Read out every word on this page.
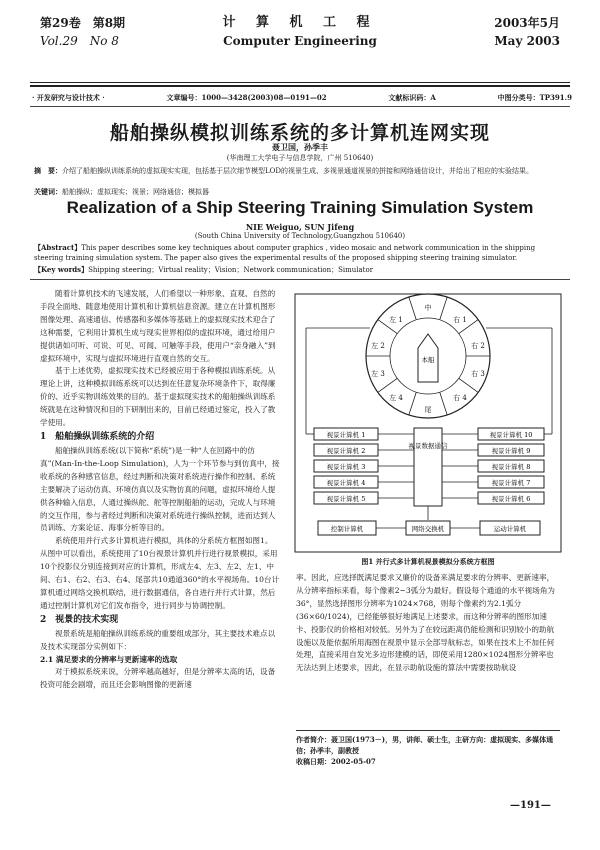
第29卷　第8期
Vol.29　No 8
计 算 机 工 程
Computer Engineering
2003年5月
May 2003
· 开发研究与设计技术 ·	文章编号：1000—3428(2003)08—0191—02	文献标识码：A	中图分类号：TP391.9
船舶操纵模拟训练系统的多计算机连网实现
聂卫国，孙季丰
(华南理工大学电子与信息学院，广州 510640)
摘　要：介绍了船舶操纵训练系统的虚拟现实实现，包括基于层次细节模型LOD的视景生成、多视景通道视景的拼接和网络通信设计，并给出了相应的实验结果。
关键词：船舶操纵；虚拟现实；视景；网络通信；模拟器
Realization of a Ship Steering Training Simulation System
NIE Weiguo, SUN Jifeng
(South China University of Technology,Guangzhou 510640)
【Abstract】This paper describes some key techniques about computer graphics , video mosaic and network communication in the shipping steering training simulation system. The paper also gives the experimental results of the proposed shipping steering training simulator.
【Key words】Shipping steering；Virtual reality；Vision；Network communication；Simulator

随着计算机技术的飞速发展，人们希望以一种形象、直观、自然的手段全面地、随意地使用计算机和计算机信息资源。建立在计算机图形图像处理、高速通信、传感器和多媒体等基础上的虚拟现实技术迎合了这种需要，它利用计算机生成与现实世界相似的虚拟环境，通过给用户提供诸如可听、可说、可见、可闻、可触等手段，使用户“亲身融入”到虚拟环境中，实现与虚拟环境进行直观自然的交互。

基于上述优势，虚拟现实技术已经被应用于各种模拟训练系统。从理论上讲，这种模拟训练系统可以达到在任意复杂环境条件下，取得廉价的、近乎实物训练效果的目的。基于虚拟现实技术的船舶操纵训练系统就是在这种情况和目的下研制出来的，目前已经通过鉴定，投入了教学使用。

1　船舶操纵训练系统的介绍

船舶操纵训练系统(以下简称“系统”)是一种“人在回路中的仿真”(Man-In-the-Loop Simulation)，人为一个环节参与到仿真中，接收系统的各种感官信息，经过判断和决策对系统进行操作和控制。系统主要解决了运动仿真、环境仿真以及实物仿真的问题，虚拟环境给人提供各种输入信息，人通过操纵舵、舵等控制船舶的运动，完成人与环境的交互作用，参与者经过判断和决策对系统进行操纵控制，进而达到人员训练、方案论证、海事分析等目的。

系统使用并行式多计算机进行模拟，具体的分系统方框图如图1。从图中可以看出，系统使用了10台视景计算机并行进行视景模拟，采用10个投影仪分别连接到对应的计算机，形成左4、左3、左2、左1、中间、右1、右2、右3、右4、尾部共10通道360°的水平视场角。10台计算机通过网络交换机联结，进行数据通信，各自进行并行式计算，然后通过控制计算机对它们发布指令，进行同步与协调控制。

2　视景的技术实现

视景系统是船舶操纵训练系统的重要组成部分，其主要技术难点以及技术实现部分实例如下：

2.1 满足要求的分辨率与更新速率的选取

对于模拟系统来说，分辨率越高越好，但是分辨率太高的话，设备投资可能会剧增，而且还会影响图像的更新速

中
右 1
右 2
右 3
右 4
尾
左 4
左 3
左 2
左 1
本船
视景计算机 1
视景计算机 2
视景计算机 3
视景计算机 4
视景计算机 5
视景计算机 10
视景计算机 9
视景计算机 8
视景计算机 7
视景计算机 6
视景数据通信
控制计算机	网络交换机	运动计算机
图1 并行式多计算机视景模拟分系统方框图

率。因此，应选择既满足要求又廉价的设备来满足要求的分辨率、更新速率，从分辨率指标来看，每个像素2~3弧分为最好。假设每个通道的水平视场角为36°，显然选择图形分辨率为1024×768，则每个像素约为2.1弧分(36×60/1024)，已经能够很好地满足上述要求，而这种分辨率的图形加速卡、投影仪的价格相对较低。另外为了在较远距离仍能检测和识别较小的助航设施以及能依据所用海图在视景中显示全部导航标志，如果在技术上不加任何处理，直接采用自发光多边形建模的话，即使采用1280×1024图形分辨率也无法达到上述要求，因此，在显示助航设施的算法中需要按助航设

作者简介：聂卫国(1973－)，男，讲师、硕士生，主研方向：虚拟现实、多媒体通信；孙季丰，副教授
收稿日期：2002-05-07
—191—
